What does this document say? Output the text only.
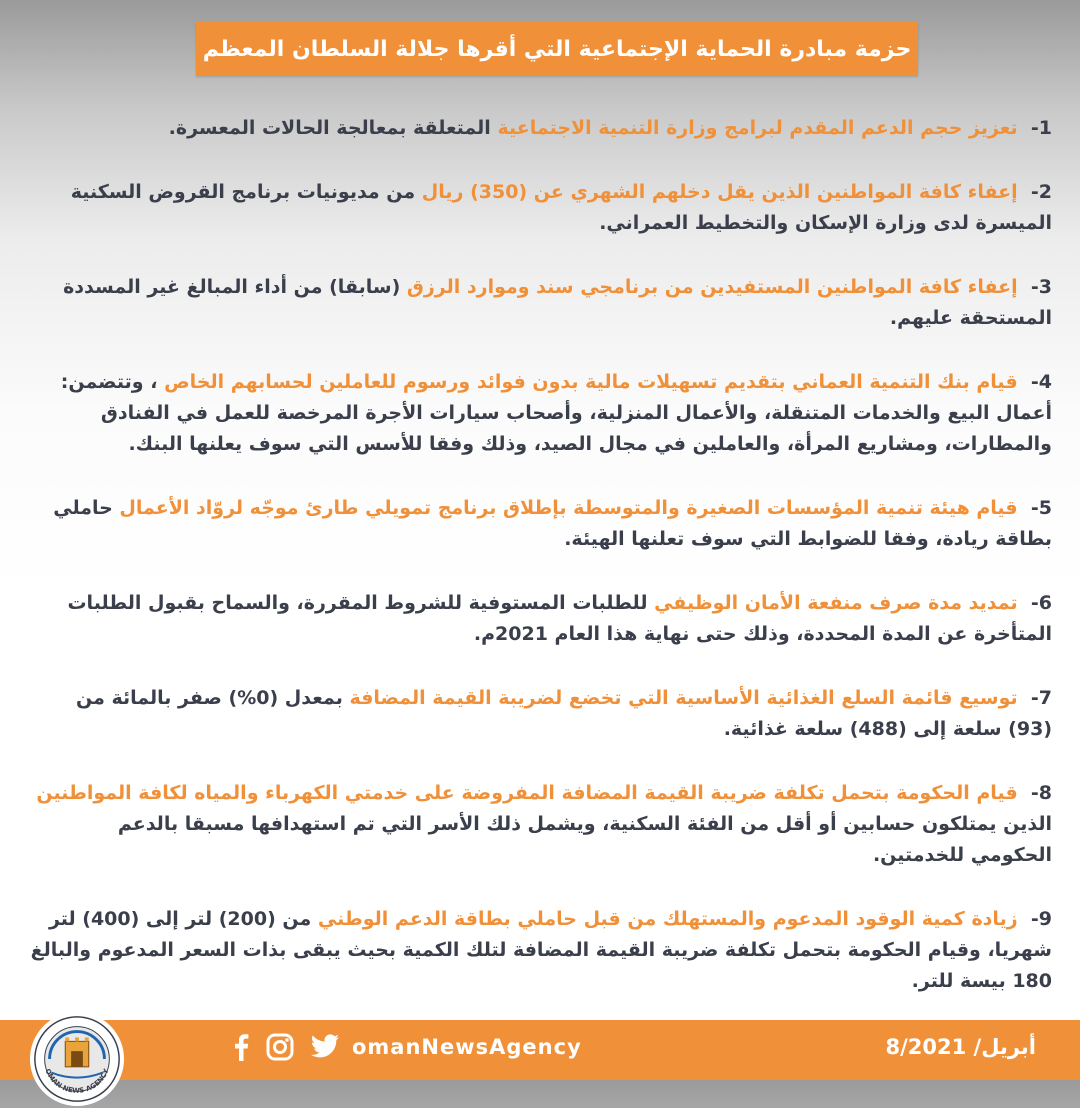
حزمة مبادرة الحماية الإجتماعية التي أقرها جلالة السلطان المعظم

1-  تعزيز حجم الدعم المقدم لبرامج وزارة التنمية الاجتماعية المتعلقة بمعالجة الحالات المعسرة.

2-  إعفاء كافة المواطنين الذين يقل دخلهم الشهري عن (350) ريال من مديونيات برنامج القروض السكنية الميسرة لدى وزارة الإسكان والتخطيط العمراني.

3-  إعفاء كافة المواطنين المستفيدين من برنامجي سند وموارد الرزق (سابقا) من أداء المبالغ غير المسددة المستحقة عليهم.

4-  قيام بنك التنمية العماني بتقديم تسهيلات مالية بدون فوائد ورسوم للعاملين لحسابهم الخاص ، وتتضمن: أعمال البيع والخدمات المتنقلة، والأعمال المنزلية، وأصحاب سيارات الأجرة المرخصة للعمل في الفنادق والمطارات، ومشاريع المرأة، والعاملين في مجال الصيد، وذلك وفقا للأسس التي سوف يعلنها البنك.

5-  قيام هيئة تنمية المؤسسات الصغيرة والمتوسطة بإطلاق برنامج تمويلي طارئ موجّه لروّاد الأعمال حاملي بطاقة ريادة، وفقا للضوابط التي سوف تعلنها الهيئة.

6-  تمديد مدة صرف منفعة الأمان الوظيفي للطلبات المستوفية للشروط المقررة، والسماح بقبول الطلبات المتأخرة عن المدة المحددة، وذلك حتى نهاية هذا العام 2021م.

7-  توسيع قائمة السلع الغذائية الأساسية التي تخضع لضريبة القيمة المضافة بمعدل (0%) صفر بالمائة من (93) سلعة إلى (488) سلعة غذائية.

8-  قيام الحكومة بتحمل تكلفة ضريبة القيمة المضافة المفروضة على خدمتي الكهرباء والمياه لكافة المواطنين الذين يمتلكون حسابين أو أقل من الفئة السكنية، ويشمل ذلك الأسر التي تم استهدافها مسبقا بالدعم الحكومي للخدمتين.

9-  زيادة كمية الوقود المدعوم والمستهلك من قبل حاملي بطاقة الدعم الوطني من (200) لتر إلى (400) لتر شهريا، وقيام الحكومة بتحمل تكلفة ضريبة القيمة المضافة لتلك الكمية بحيث يبقى بذات السعر المدعوم والبالغ 180 بيسة للتر.

omanNewsAgency	8/أبريل/ 2021
OMAN NEWS AGENCY
